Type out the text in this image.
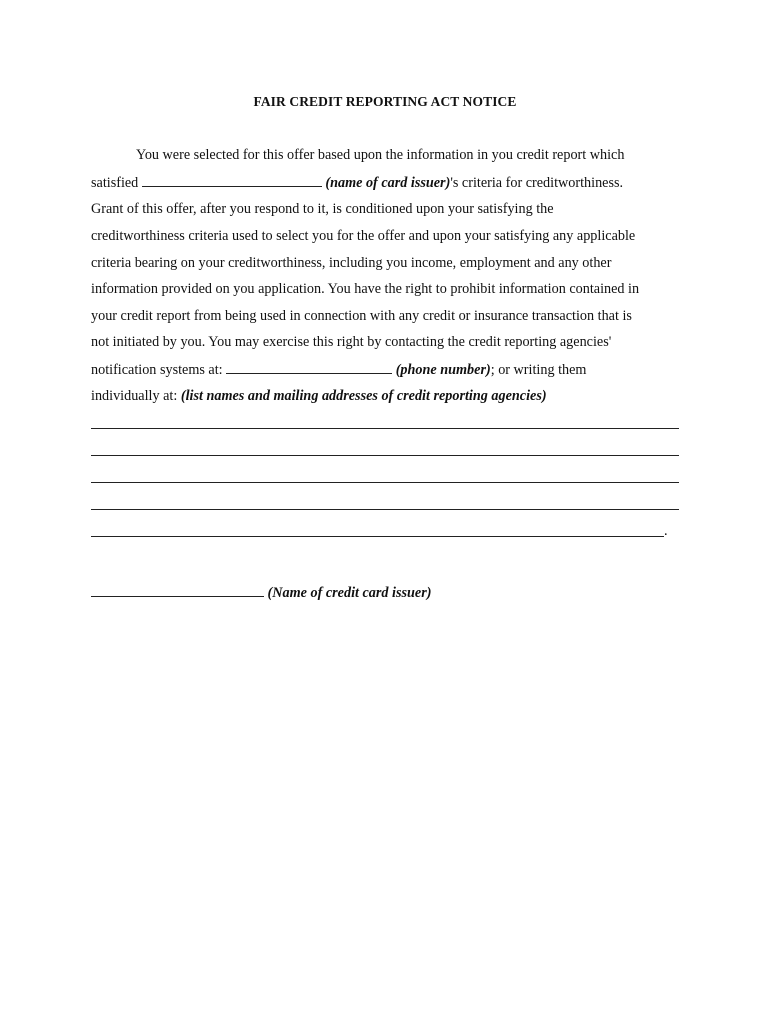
FAIR CREDIT REPORTING ACT NOTICE
You were selected for this offer based upon the information in you credit report which
satisfied	(name of card issuer)'s criteria for creditworthiness.
Grant of this offer, after you respond to it, is conditioned upon your satisfying the
creditworthiness criteria used to select you for the offer and upon your satisfying any applicable
criteria bearing on your creditworthiness, including you income, employment and any other
information provided on you application. You have the right to prohibit information contained in
your credit report from being used in connection with any credit or insurance transaction that is
not initiated by you. You may exercise this right by contacting the credit reporting agencies'
notification systems at:	(phone number); or writing them
individually at: (list names and mailing addresses of credit reporting agencies)
.
(Name of credit card issuer)
